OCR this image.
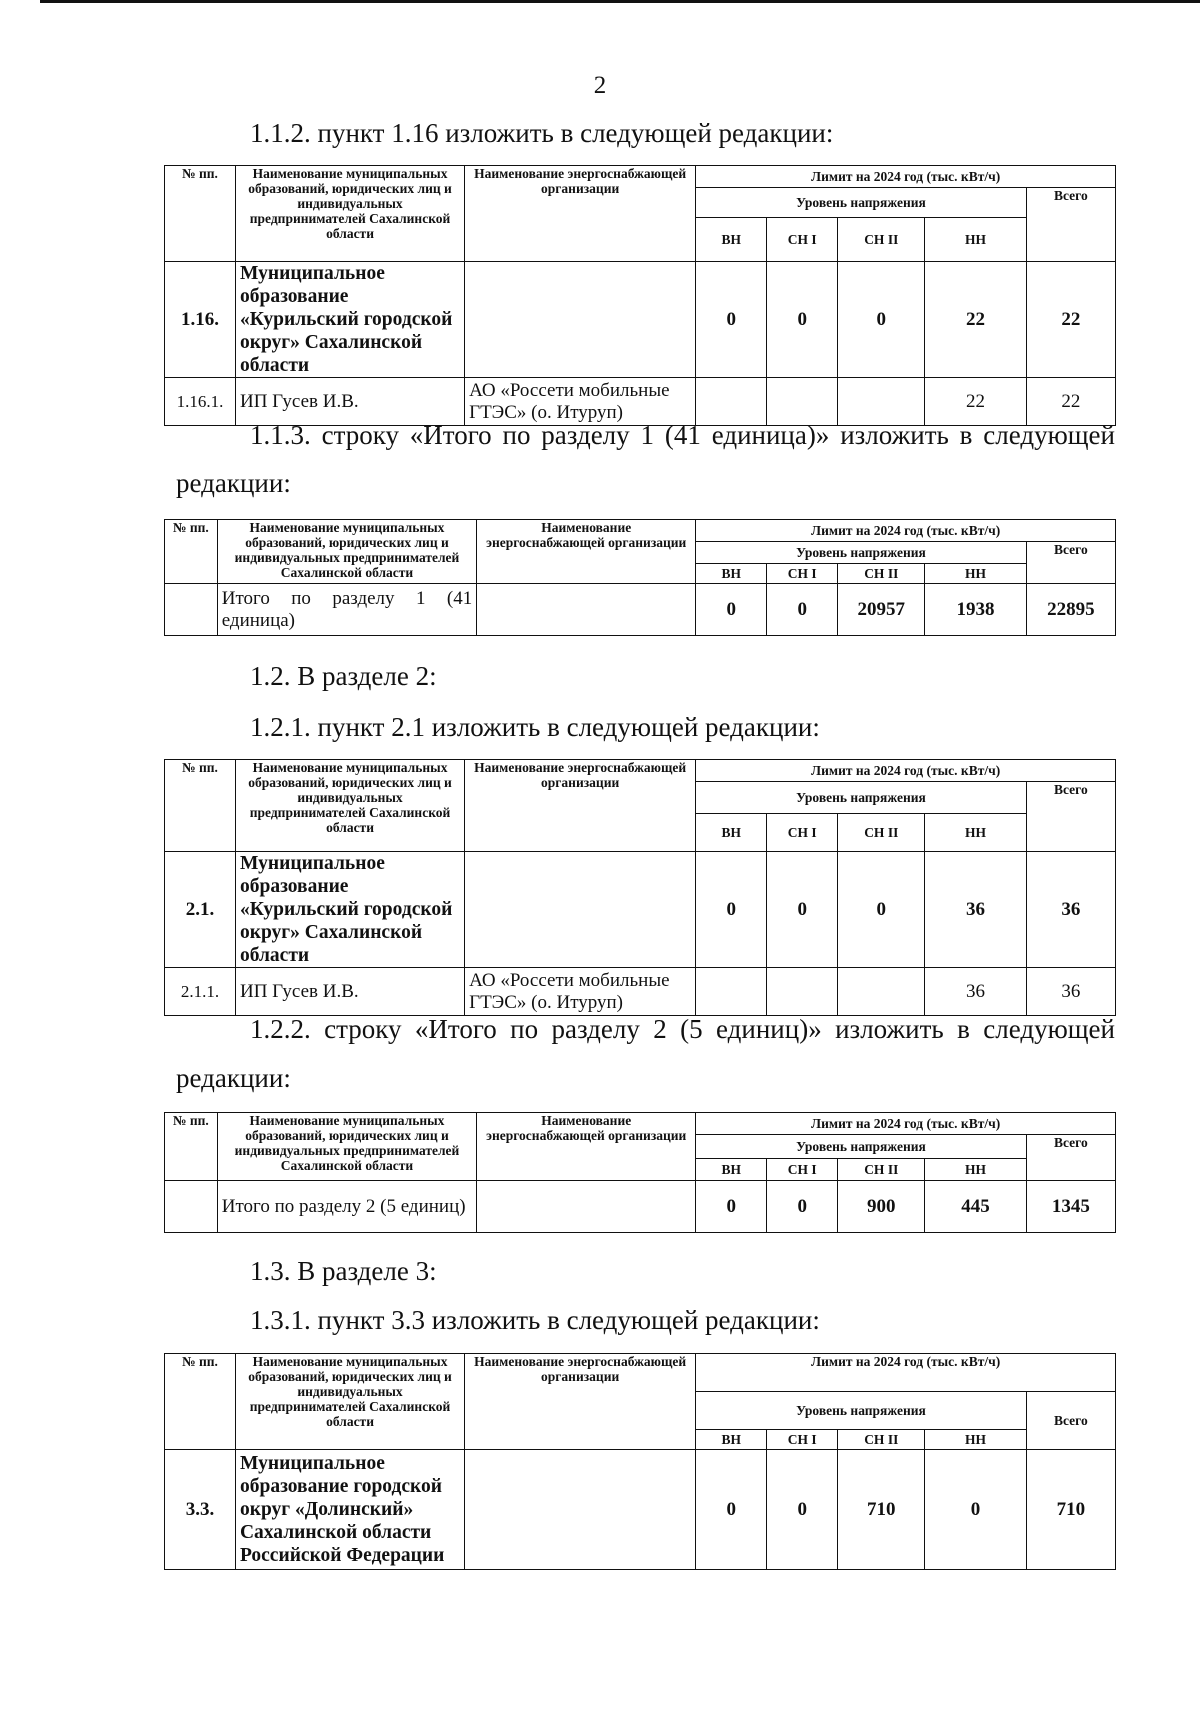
2
1.1.2. пункт 1.16 изложить в следующей редакции:
№ пп.	Наименование муниципальных образований, юридических лиц и индивидуальных предпринимателей Сахалинской области	Наименование энергоснабжающей организации	Лимит на 2024 год (тыс. кВт/ч)				
			Уровень напряжения				Всего
			ВН	СН I	СН II	НН	
1.16.	Муниципальное образование «Курильский городской округ» Сахалинской области		0	0	0	22	22
1.16.1.	ИП Гусев И.В.	АО «Россети мобильные ГТЭС» (о. Итуруп)				22	22
1.1.3. строку «Итого по разделу 1 (41 единица)» изложить в следующей
редакции:
№ пп.	Наименование муниципальных образований, юридических лиц и индивидуальных предпринимателей Сахалинской области	Наименование энергоснабжающей организации	Лимит на 2024 год (тыс. кВт/ч)				
			Уровень напряжения				Всего
			ВН	СН I	СН II	НН	
	Итого по разделу 1 (41 единица)		0	0	20957	1938	22895
1.2. В разделе 2:
1.2.1. пункт 2.1 изложить в следующей редакции:
№ пп.	Наименование муниципальных образований, юридических лиц и индивидуальных предпринимателей Сахалинской области	Наименование энергоснабжающей организации	Лимит на 2024 год (тыс. кВт/ч)				
			Уровень напряжения				Всего
			ВН	СН I	СН II	НН	
2.1.	Муниципальное образование «Курильский городской округ» Сахалинской области		0	0	0	36	36
2.1.1.	ИП Гусев И.В.	АО «Россети мобильные ГТЭС» (о. Итуруп)				36	36
1.2.2. строку «Итого по разделу 2 (5 единиц)» изложить в следующей
редакции:
№ пп.	Наименование муниципальных образований, юридических лиц и индивидуальных предпринимателей Сахалинской области	Наименование энергоснабжающей организации	Лимит на 2024 год (тыс. кВт/ч)				
			Уровень напряжения				Всего
			ВН	СН I	СН II	НН	
	Итого по разделу 2 (5 единиц)		0	0	900	445	1345
1.3. В разделе 3:
1.3.1. пункт 3.3 изложить в следующей редакции:
№ пп.	Наименование муниципальных образований, юридических лиц и индивидуальных предпринимателей Сахалинской области	Наименование энергоснабжающей организации	Лимит на 2024 год (тыс. кВт/ч)				
			Уровень напряжения				Всего
			ВН	СН I	СН II	НН	
3.3.	Муниципальное образование городской округ «Долинский» Сахалинской области Российской Федерации		0	0	710	0	710
